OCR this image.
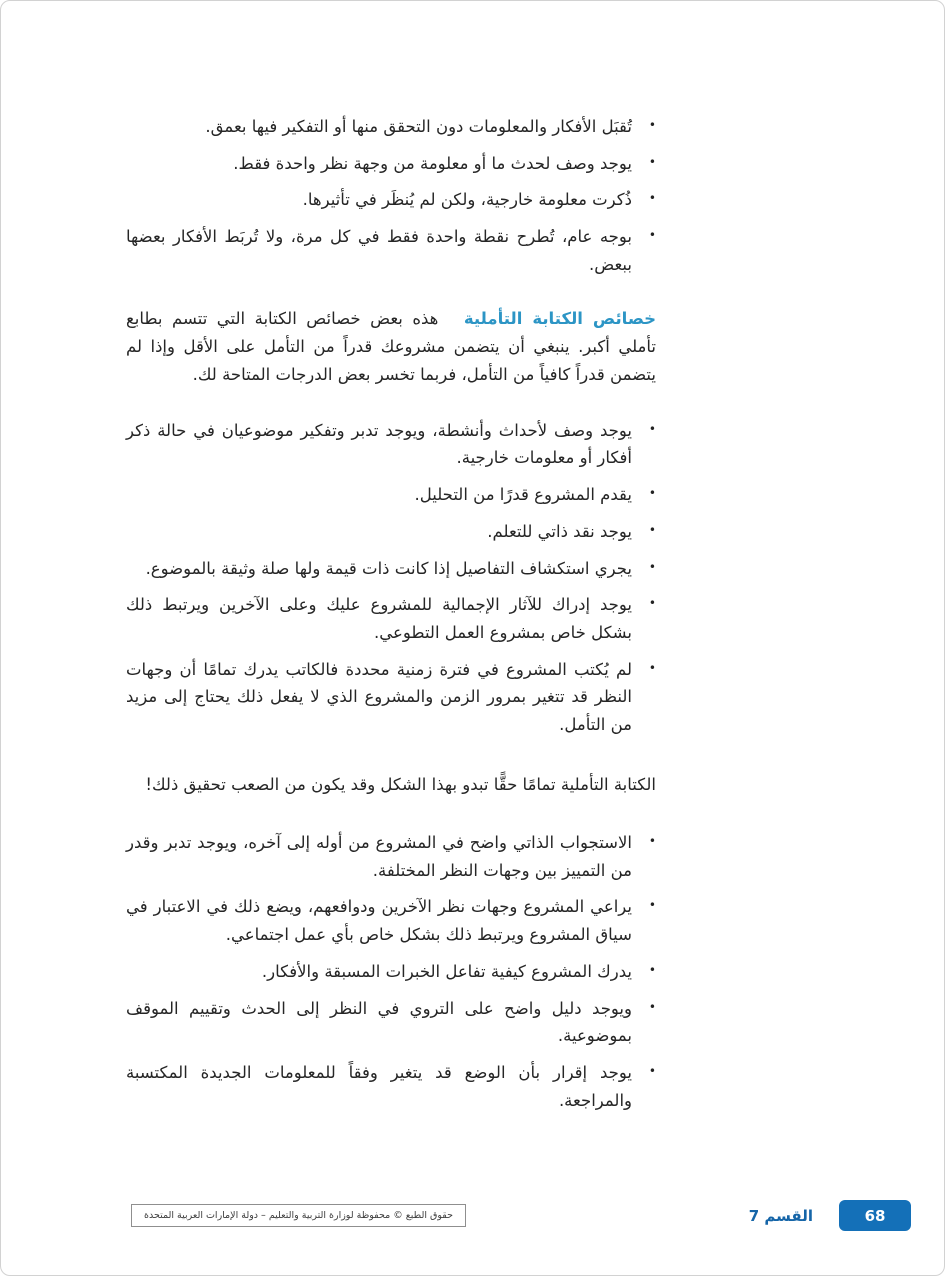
•
تُقبَل الأفكار والمعلومات دون التحقق منها أو التفكير فيها بعمق.
•
يوجد وصف لحدث ما أو معلومة من وجهة نظر واحدة فقط.
•
ذُكرت معلومة خارجية، ولكن لم يُنظَر في تأثيرها.
•
بوجه عام، تُطرح نقطة واحدة فقط في كل مرة، ولا تُربَط الأفكار بعضها ببعض.

خصائص الكتابة التأملية هذه بعض خصائص الكتابة التي تتسم بطابع تأملي أكبر. ينبغي أن يتضمن مشروعك قدراً من التأمل على الأقل وإذا لم يتضمن قدراً كافياً من التأمل، فربما تخسر بعض الدرجات المتاحة لك.

•
يوجد وصف لأحداث وأنشطة، ويوجد تدبر وتفكير موضوعيان في حالة ذكر أفكار أو معلومات خارجية.
•
يقدم المشروع قدرًا من التحليل.
•
يوجد نقد ذاتي للتعلم.
•
يجري استكشاف التفاصيل إذا كانت ذات قيمة ولها صلة وثيقة بالموضوع.
•
يوجد إدراك للآثار الإجمالية للمشروع عليك وعلى الآخرين ويرتبط ذلك بشكل خاص بمشروع العمل التطوعي.
•
لم يُكتب المشروع في فترة زمنية محددة فالكاتب يدرك تمامًا أن وجهات النظر قد تتغير بمرور الزمن والمشروع الذي لا يفعل ذلك يحتاج إلى مزيد من التأمل.

الكتابة التأملية تمامًا حقًّا تبدو بهذا الشكل وقد يكون من الصعب تحقيق ذلك!

•
الاستجواب الذاتي واضح في المشروع من أوله إلى آخره، ويوجد تدبر وقدر من التمييز بين وجهات النظر المختلفة.
•
يراعي المشروع وجهات نظر الآخرين ودوافعهم، ويضع ذلك في الاعتبار في سياق المشروع ويرتبط ذلك بشكل خاص بأي عمل اجتماعي.
•
يدرك المشروع كيفية تفاعل الخبرات المسبقة والأفكار.
•
ويوجد دليل واضح على التروي في النظر إلى الحدث وتقييم الموقف بموضوعية.
•
يوجد إقرار بأن الوضع قد يتغير وفقاً للمعلومات الجديدة المكتسبة والمراجعة.
حقوق الطبع © محفوظة لوزارة التربية والتعليم – دولة الإمارات العربية المتحدة	القسم 7	68
